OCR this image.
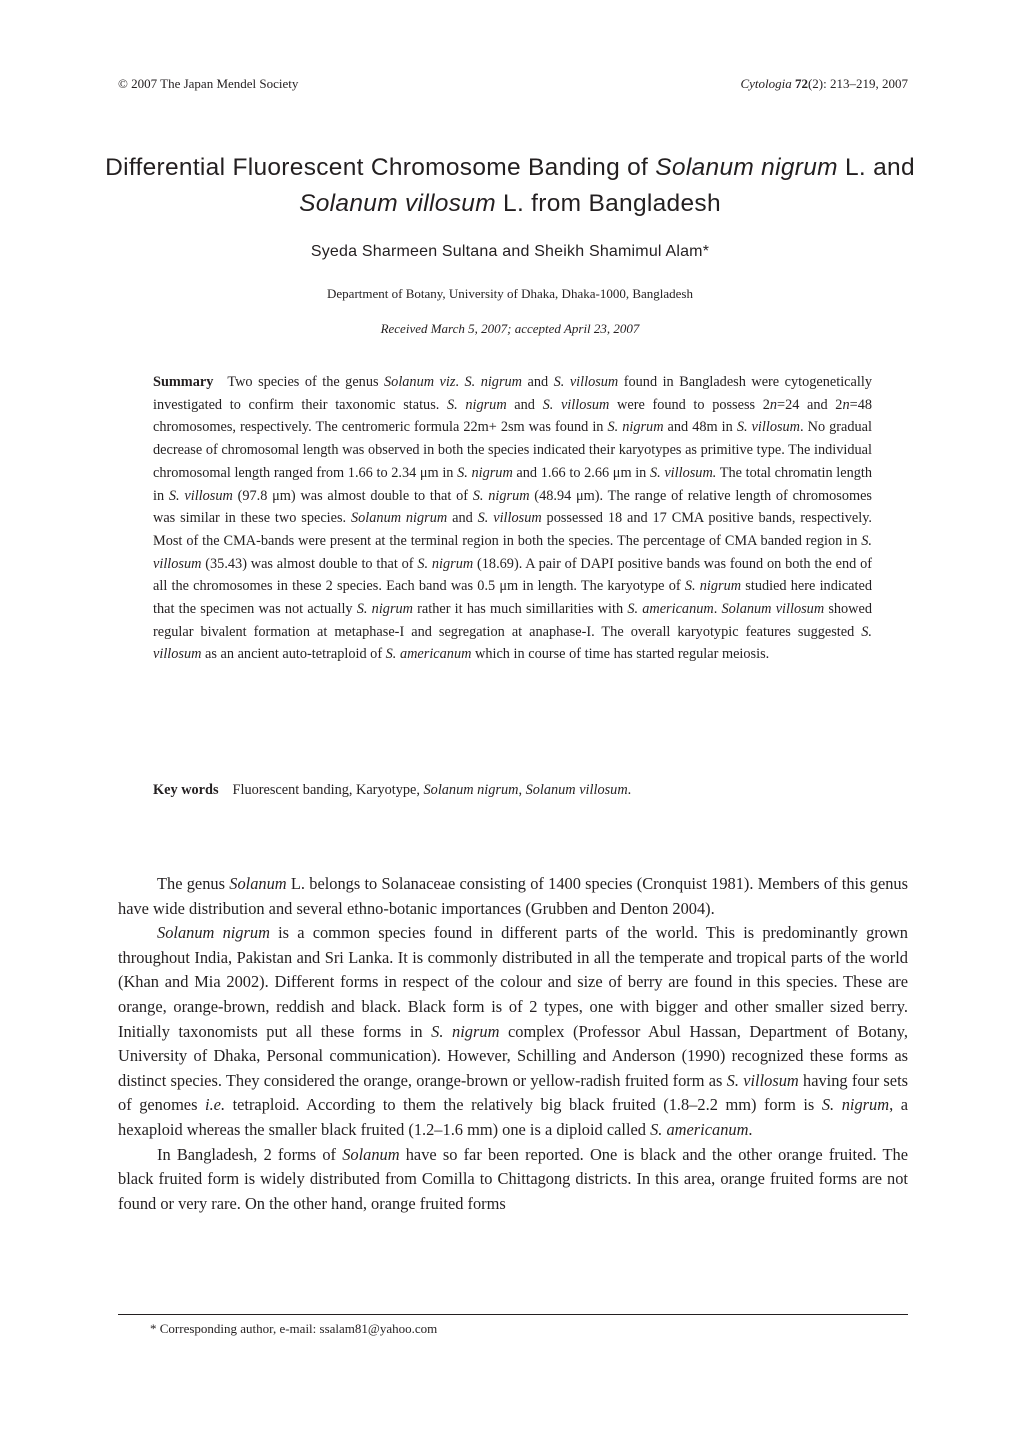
© 2007 The Japan Mendel Society	Cytologia 72(2): 213–219, 2007
Differential Fluorescent Chromosome Banding of Solanum nigrum L. and Solanum villosum L. from Bangladesh
Syeda Sharmeen Sultana and Sheikh Shamimul Alam*
Department of Botany, University of Dhaka, Dhaka-1000, Bangladesh
Received March 5, 2007; accepted April 23, 2007
Summary Two species of the genus Solanum viz. S. nigrum and S. villosum found in Bangladesh were cytogenetically investigated to confirm their taxonomic status. S. nigrum and S. villosum were found to possess 2n=24 and 2n=48 chromosomes, respectively. The centromeric formula 22m+ 2sm was found in S. nigrum and 48m in S. villosum. No gradual decrease of chromosomal length was observed in both the species indicated their karyotypes as primitive type. The individual chromosomal length ranged from 1.66 to 2.34 μm in S. nigrum and 1.66 to 2.66 μm in S. villosum. The total chromatin length in S. villosum (97.8 μm) was almost double to that of S. nigrum (48.94 μm). The range of relative length of chromosomes was similar in these two species. Solanum nigrum and S. villosum possessed 18 and 17 CMA positive bands, respectively. Most of the CMA-bands were present at the terminal region in both the species. The percentage of CMA banded region in S. villosum (35.43) was almost double to that of S. nigrum (18.69). A pair of DAPI positive bands was found on both the end of all the chromosomes in these 2 species. Each band was 0.5 μm in length. The karyotype of S. nigrum studied here indicated that the specimen was not actually S. nigrum rather it has much simillarities with S. americanum. Solanum villosum showed regular bivalent formation at metaphase-I and segregation at anaphase-I. The overall karyotypic features suggested S. villosum as an ancient auto-tetraploid of S. americanum which in course of time has started regular meiosis.
Key words Fluorescent banding, Karyotype, Solanum nigrum, Solanum villosum.

The genus Solanum L. belongs to Solanaceae consisting of 1400 species (Cronquist 1981). Members of this genus have wide distribution and several ethno-botanic importances (Grubben and Denton 2004).

Solanum nigrum is a common species found in different parts of the world. This is predominantly grown throughout India, Pakistan and Sri Lanka. It is commonly distributed in all the temperate and tropical parts of the world (Khan and Mia 2002). Different forms in respect of the colour and size of berry are found in this species. These are orange, orange-brown, reddish and black. Black form is of 2 types, one with bigger and other smaller sized berry. Initially taxonomists put all these forms in S. nigrum complex (Professor Abul Hassan, Department of Botany, University of Dhaka, Personal communication). However, Schilling and Anderson (1990) recognized these forms as distinct species. They considered the orange, orange-brown or yellow-radish fruited form as S. villosum having four sets of genomes i.e. tetraploid. According to them the relatively big black fruited (1.8–2.2 mm) form is S. nigrum, a hexaploid whereas the smaller black fruited (1.2–1.6 mm) one is a diploid called S. americanum.

In Bangladesh, 2 forms of Solanum have so far been reported. One is black and the other orange fruited. The black fruited form is widely distributed from Comilla to Chittagong districts. In this area, orange fruited forms are not found or very rare. On the other hand, orange fruited forms

* Corresponding author, e-mail: ssalam81@yahoo.com
